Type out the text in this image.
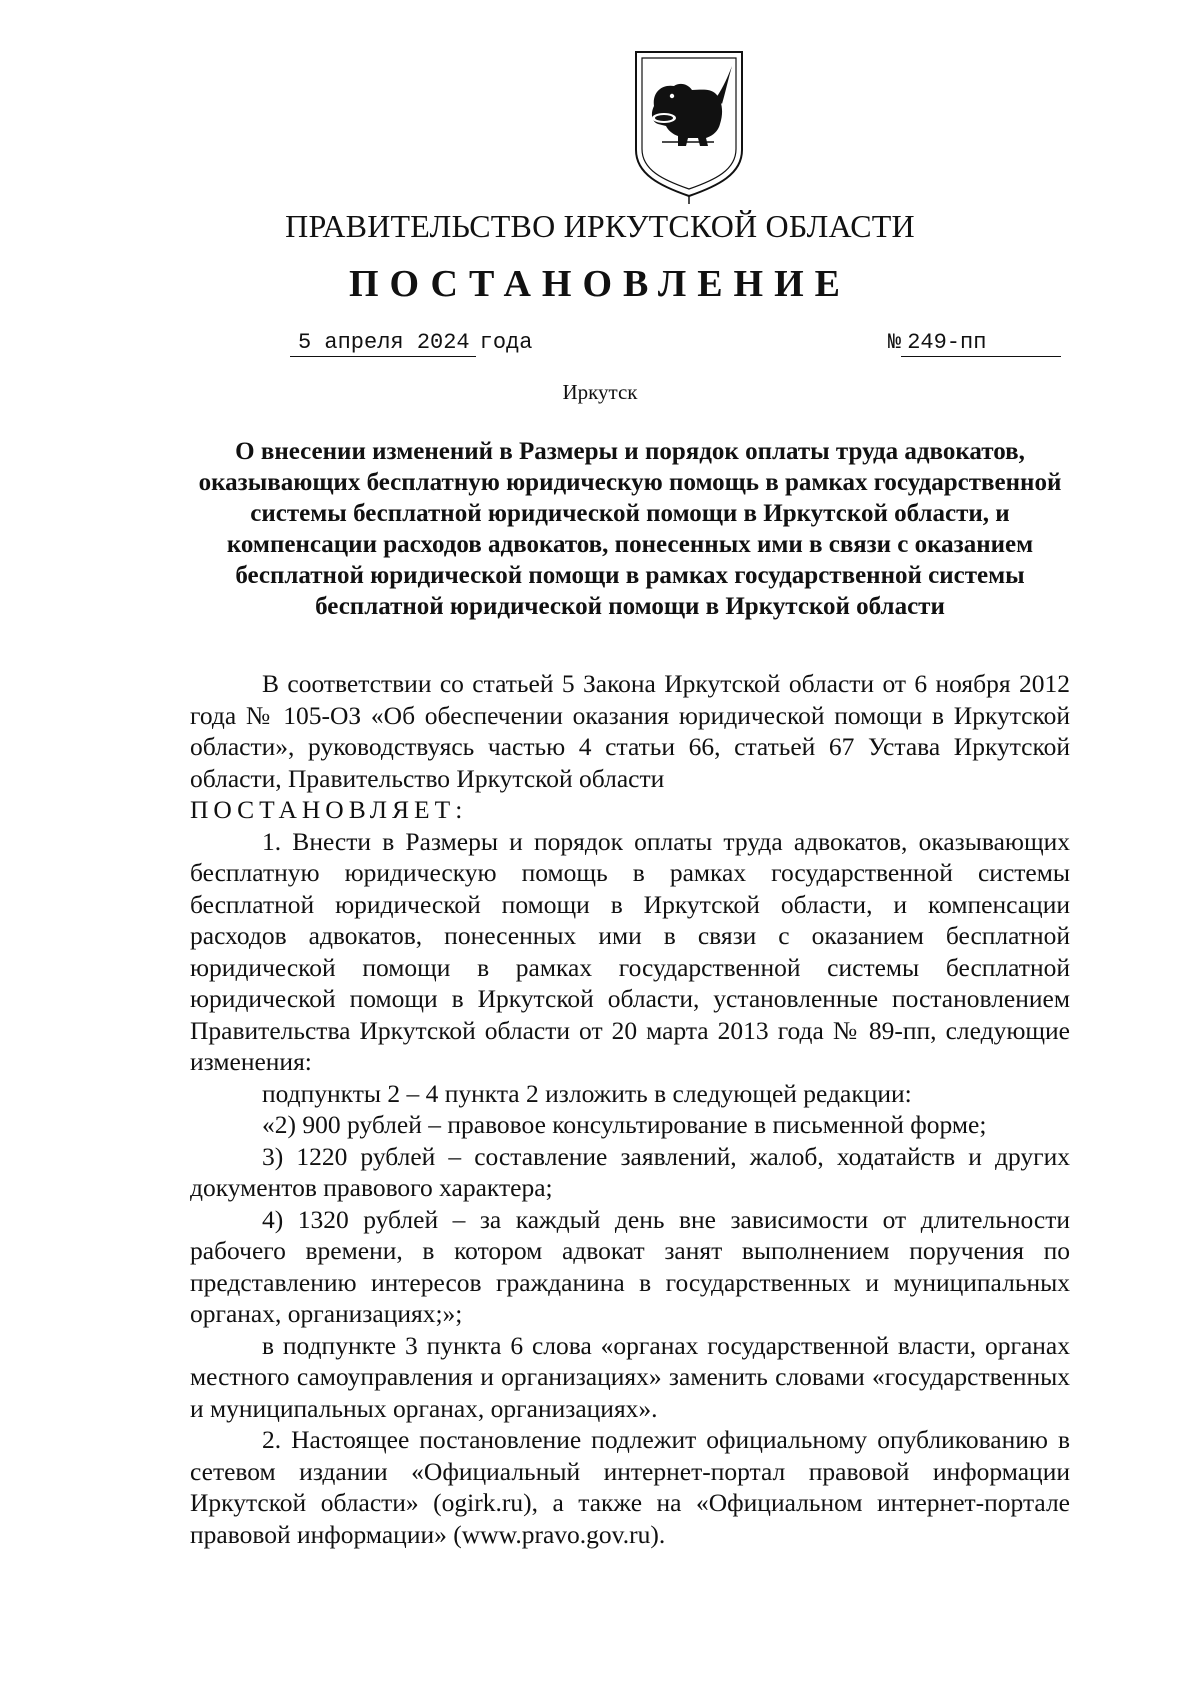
ПРАВИТЕЛЬСТВО ИРКУТСКОЙ ОБЛАСТИ
ПОСТАНОВЛЕНИЕ
5 апреля 2024 года	№ 249-пп
Иркутск
О внесении изменений в Размеры и порядок оплаты труда адвокатов, оказывающих бесплатную юридическую помощь в рамках государственной системы бесплатной юридической помощи в Иркутской области, и компенсации расходов адвокатов, понесенных ими в связи с оказанием бесплатной юридической помощи в рамках государственной системы бесплатной юридической помощи в Иркутской области

В соответствии со статьей 5 Закона Иркутской области от 6 ноября 2012 года № 105-ОЗ «Об обеспечении оказания юридической помощи в Иркутской области», руководствуясь частью 4 статьи 66, статьей 67 Устава Иркутской области, Правительство Иркутской области

ПОСТАНОВЛЯЕТ:

1. Внести в Размеры и порядок оплаты труда адвокатов, оказывающих бесплатную юридическую помощь в рамках государственной системы бесплатной юридической помощи в Иркутской области, и компенсации расходов адвокатов, понесенных ими в связи с оказанием бесплатной юридической помощи в рамках государственной системы бесплатной юридической помощи в Иркутской области, установленные постановлением Правительства Иркутской области от 20 марта 2013 года № 89-пп, следующие изменения:

подпункты 2 – 4 пункта 2 изложить в следующей редакции:

«2) 900 рублей – правовое консультирование в письменной форме;

3) 1220 рублей – составление заявлений, жалоб, ходатайств и других документов правового характера;

4) 1320 рублей – за каждый день вне зависимости от длительности рабочего времени, в котором адвокат занят выполнением поручения по представлению интересов гражданина в государственных и муниципальных органах, организациях;»;

в подпункте 3 пункта 6 слова «органах государственной власти, органах местного самоуправления и организациях» заменить словами «государственных и муниципальных органах, организациях».

2. Настоящее постановление подлежит официальному опубликованию в сетевом издании «Официальный интернет-портал правовой информации Иркутской области» (ogirk.ru), а также на «Официальном интернет-портале правовой информации» (www.pravo.gov.ru).
